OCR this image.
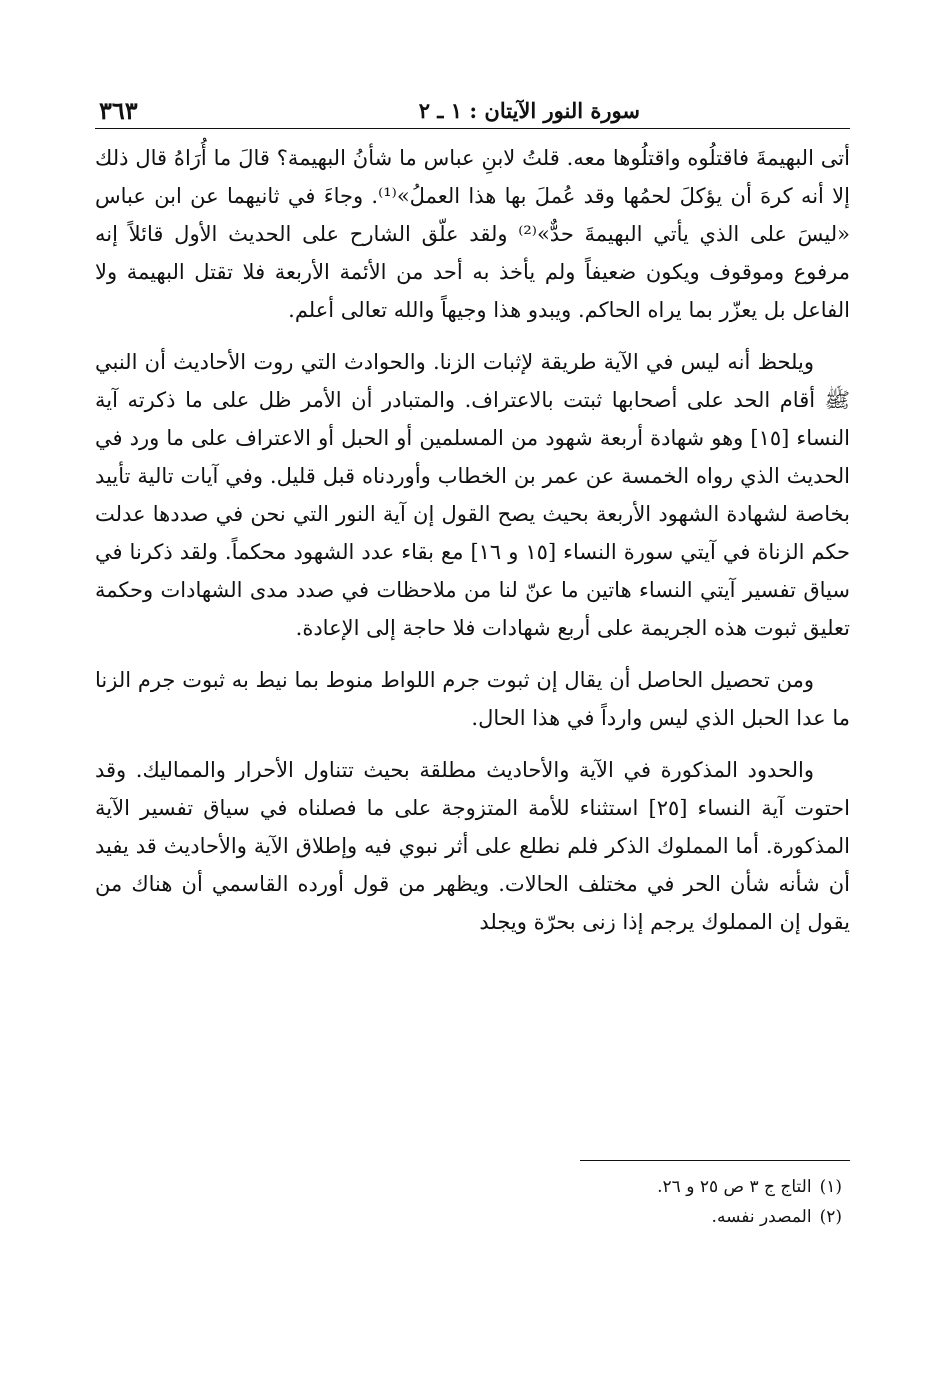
سورة النور الآيتان : ١ ـ ٢
٣٦٣

أتى البهيمةَ فاقتلُوه واقتلُوها معه. قلتُ لابنِ عباس ما شأنُ البهيمة؟ قالَ ما أُرَاهُ قال ذلك إلا أنه كرهَ أن يؤكلَ لحمُها وقد عُملَ بها هذا العملُ»⁽¹⁾. وجاءَ في ثانيهما عن ابن عباس «ليسَ على الذي يأتي البهيمةَ حدٌّ»⁽²⁾ ولقد علّق الشارح على الحديث الأول قائلاً إنه مرفوع وموقوف ويكون ضعيفاً ولم يأخذ به أحد من الأئمة الأربعة فلا تقتل البهيمة ولا الفاعل بل يعزّر بما يراه الحاكم. ويبدو هذا وجيهاً والله تعالى أعلم.

ويلحظ أنه ليس في الآية طريقة لإثبات الزنا. والحوادث التي روت الأحاديث أن النبي ﷺ أقام الحد على أصحابها ثبتت بالاعتراف. والمتبادر أن الأمر ظل على ما ذكرته آية النساء [١٥] وهو شهادة أربعة شهود من المسلمين أو الحبل أو الاعتراف على ما ورد في الحديث الذي رواه الخمسة عن عمر بن الخطاب وأوردناه قبل قليل. وفي آيات تالية تأييد بخاصة لشهادة الشهود الأربعة بحيث يصح القول إن آية النور التي نحن في صددها عدلت حكم الزناة في آيتي سورة النساء [١٥ و ١٦] مع بقاء عدد الشهود محكماً. ولقد ذكرنا في سياق تفسير آيتي النساء هاتين ما عنّ لنا من ملاحظات في صدد مدى الشهادات وحكمة تعليق ثبوت هذه الجريمة على أربع شهادات فلا حاجة إلى الإعادة.

ومن تحصيل الحاصل أن يقال إن ثبوت جرم اللواط منوط بما نيط به ثبوت جرم الزنا ما عدا الحبل الذي ليس وارداً في هذا الحال.

والحدود المذكورة في الآية والأحاديث مطلقة بحيث تتناول الأحرار والمماليك. وقد احتوت آية النساء [٢٥] استثناء للأمة المتزوجة على ما فصلناه في سياق تفسير الآية المذكورة. أما المملوك الذكر فلم نطلع على أثر نبوي فيه وإطلاق الآية والأحاديث قد يفيد أن شأنه شأن الحر في مختلف الحالات. ويظهر من قول أورده القاسمي أن هناك من يقول إن المملوك يرجم إذا زنى بحرّة ويجلد

(١)التاج ج ٣ ص ٢٥ و ٢٦.

(٢)المصدر نفسه.
